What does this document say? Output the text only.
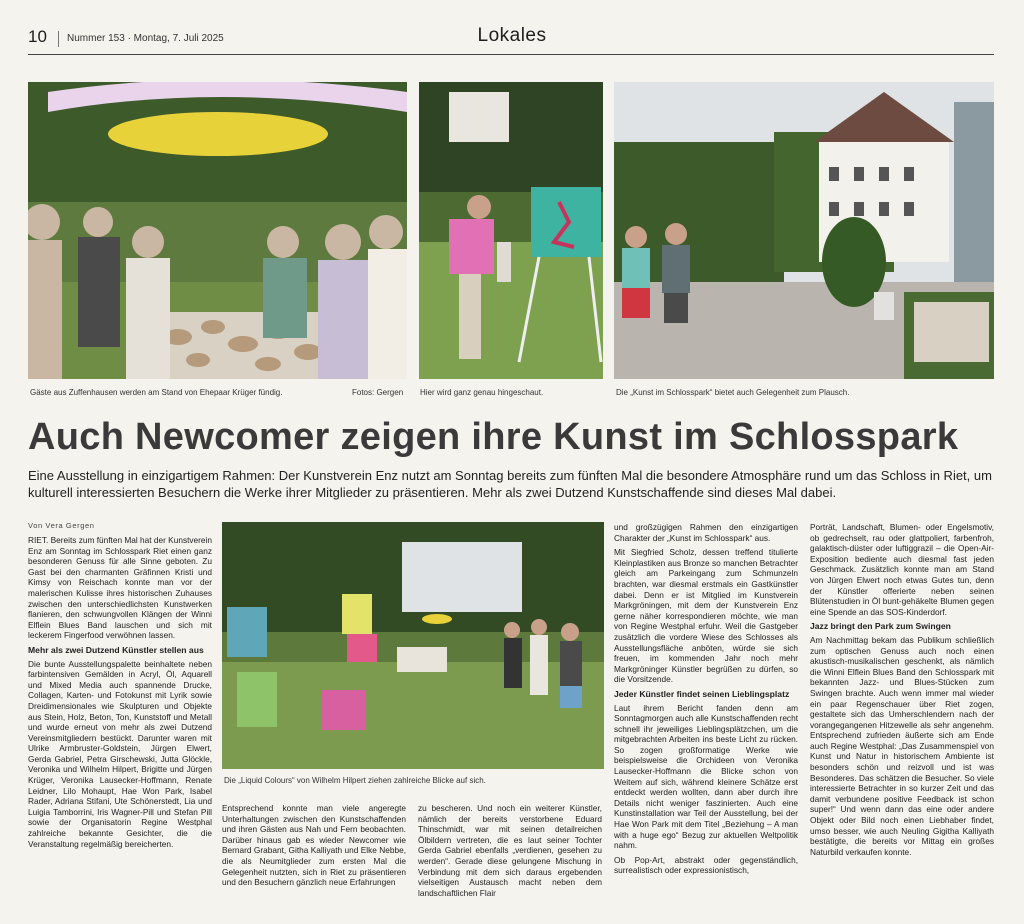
10 Nummer 153 · Montag, 7. Juli 2025	Lokales
Gäste aus Zuffenhausen werden am Stand von Ehepaar Krüger fündig.	Fotos: Gergen Hier wird ganz genau hingeschaut.	Die „Kunst im Schlosspark“ bietet auch Gelegenheit zum Plausch.
Auch Newcomer zeigen ihre Kunst im Schlosspark
Eine Ausstellung in einzigartigem Rahmen: Der Kunstverein Enz nutzt am Sonntag bereits zum fünften Mal die besondere Atmosphäre rund um das Schloss in Riet, um kulturell interessierten Besuchern die Werke ihrer Mitglieder zu präsentieren. Mehr als zwei Dutzend Kunstschaffende sind dieses Mal dabei.
Von Vera Gergen

RIET. Bereits zum fünften Mal hat der Kunstverein Enz am Sonntag im Schlosspark Riet einen ganz besonderen Genuss für alle Sinne geboten. Zu Gast bei den charmanten Gräfinnen Kristi und Kimsy von Reischach konnte man vor der malerischen Kulisse ihres historischen Zuhauses zwischen den unterschiedlichsten Kunstwerken flanieren, den schwungvollen Klängen der Winni Elflein Blues Band lauschen und sich mit leckerem Fingerfood verwöhnen lassen.

Mehr als zwei Dutzend Künstler stellen aus

Die bunte Ausstellungspalette beinhaltete neben farbintensiven Gemälden in Acryl, Öl, Aquarell und Mixed Media auch spannende Drucke, Collagen, Karten- und Fotokunst mit Lyrik sowie Dreidimensionales wie Skulpturen und Objekte aus Stein, Holz, Beton, Ton, Kunststoff und Metall und wurde erneut von mehr als zwei Dutzend Vereinsmitgliedern bestückt. Darunter waren mit Ulrike Armbruster-Goldstein, Jürgen Elwert, Gerda Gabriel, Petra Girschewski, Jutta Glöckle, Veronika und Wilhelm Hilpert, Brigitte und Jürgen Krüger, Veronika Lausecker-Hoffmann, Renate Leidner, Lilo Mohaupt, Hae Won Park, Isabel Rader, Adriana Stifani, Ute Schönerstedt, Lia und Luigia Tamborrini, Iris Wagner-Pill und Stefan Pill sowie der Organisatorin Regine Westphal zahlreiche bekannte Gesichter, die die Veranstaltung regelmäßig bereicherten.

Die „Liquid Colours“ von Wilhelm Hilpert ziehen zahlreiche Blicke auf sich.

Entsprechend konnte man viele angeregte Unterhaltungen zwischen den Kunstschaffenden und ihren Gästen aus Nah und Fern beobachten. Darüber hinaus gab es wieder Newcomer wie Bernard Grabant, Githa Kalliyath und Elke Nebbe, die als Neumitglieder zum ersten Mal die Gelegenheit nutzten, sich in Riet zu präsentieren und den Besuchern gänzlich neue Erfahrungen

zu bescheren. Und noch ein weiterer Künstler, nämlich der bereits verstorbene Eduard Thinschmidt, war mit seinen detailreichen Ölbildern vertreten, die es laut seiner Tochter Gerda Gabriel ebenfalls „verdienen, gesehen zu werden“. Gerade diese gelungene Mischung in Verbindung mit dem sich daraus ergebenden vielseitigen Austausch macht neben dem landschaftlichen Flair

und großzügigen Rahmen den einzigartigen Charakter der „Kunst im Schlosspark“ aus.

Mit Siegfried Scholz, dessen treffend titulierte Kleinplastiken aus Bronze so manchen Betrachter gleich am Parkeingang zum Schmunzeln brachten, war diesmal erstmals ein Gastkünstler dabei. Denn er ist Mitglied im Kunstverein Markgröningen, mit dem der Kunstverein Enz gerne näher korrespondieren möchte, wie man von Regine Westphal erfuhr. Weil die Gastgeber zusätzlich die vordere Wiese des Schlosses als Ausstellungsfläche anböten, würde sie sich freuen, im kommenden Jahr noch mehr Markgröninger Künstler begrüßen zu dürfen, so die Vorsitzende.

Jeder Künstler findet seinen Lieblingsplatz

Laut ihrem Bericht fanden denn am Sonntagmorgen auch alle Kunstschaffenden recht schnell ihr jeweiliges Lieblingsplätzchen, um die mitgebrachten Arbeiten ins beste Licht zu rücken. So zogen großformatige Werke wie beispielsweise die Orchideen von Veronika Lausecker-Hoffmann die Blicke schon von Weitem auf sich, während kleinere Schätze erst entdeckt werden wollten, dann aber durch ihre Details nicht weniger faszinierten. Auch eine Kunstinstallation war Teil der Ausstellung, bei der Hae Won Park mit dem Titel „Beziehung – A man with a huge ego“ Bezug zur aktuellen Weltpolitik nahm.

Ob Pop-Art, abstrakt oder gegenständlich, surrealistisch oder expressionistisch,

Porträt, Landschaft, Blumen- oder Engelsmotiv, ob gedrechselt, rau oder glattpoliert, farbenfroh, galaktisch-düster oder luftiggrazil – die Open-Air-Exposition bediente auch diesmal fast jeden Geschmack. Zusätzlich konnte man am Stand von Jürgen Elwert noch etwas Gutes tun, denn der Künstler offerierte neben seinen Blütenstudien in Öl bunt-gehäkelte Blumen gegen eine Spende an das SOS-Kinderdorf.

Jazz bringt den Park zum Swingen

Am Nachmittag bekam das Publikum schließlich zum optischen Genuss auch noch einen akustisch-musikalischen geschenkt, als nämlich die Winni Elflein Blues Band den Schlosspark mit bekannten Jazz- und Blues-Stücken zum Swingen brachte. Auch wenn immer mal wieder ein paar Regenschauer über Riet zogen, gestaltete sich das Umherschlendern nach der vorangegangenen Hitzewelle als sehr angenehm. Entsprechend zufrieden äußerte sich am Ende auch Regine Westphal: „Das Zusammenspiel von Kunst und Natur in historischem Ambiente ist besonders schön und reizvoll und ist was Besonderes. Das schätzen die Besucher. So viele interessierte Betrachter in so kurzer Zeit und das damit verbundene positive Feedback ist schon super!“ Und wenn dann das eine oder andere Objekt oder Bild noch einen Liebhaber findet, umso besser, wie auch Neuling Gigitha Kalliyath bestätigte, die bereits vor Mittag ein großes Naturbild verkaufen konnte.
